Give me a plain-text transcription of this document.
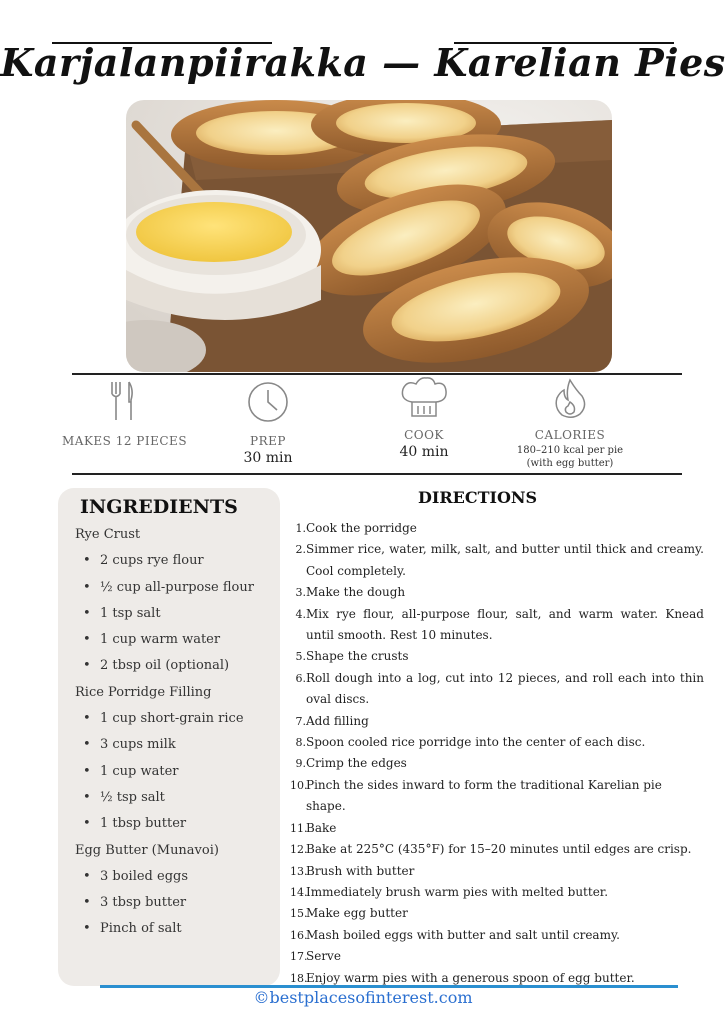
Karjalanpiirakka — Karelian Pies
MAKES 12 PIECES	PREP
30 min
COOK
40 min
CALORIES
180–210 kcal per pie
(with egg butter)
INGREDIENTS
Rye Crust
• 2 cups rye flour
• ½ cup all-purpose flour
• 1 tsp salt
• 1 cup warm water
• 2 tbsp oil (optional)
Rice Porridge Filling
• 1 cup short-grain rice
• 3 cups milk
• 1 cup water
• ½ tsp salt
• 1 tbsp butter
Egg Butter (Munavoi)
• 3 boiled eggs
• 3 tbsp butter
• Pinch of salt
DIRECTIONS
1. Cook the porridge
2. Simmer rice, water, milk, salt, and butter until thick and creamy. Cool completely.
3. Make the dough
4. Mix rye flour, all-purpose flour, salt, and warm water. Knead until smooth. Rest 10 minutes.
5. Shape the crusts
6. Roll dough into a log, cut into 12 pieces, and roll each into thin oval discs.
7. Add filling
8. Spoon cooled rice porridge into the center of each disc.
9. Crimp the edges
10.
Pinch the sides inward to form the traditional Karelian pie shape.
11.
Bake
12.
Bake at 225°C (435°F) for 15–20 minutes until edges are crisp.
13.
Brush with butter
14.
Immediately brush warm pies with melted butter.
15.
Make egg butter
16.
Mash boiled eggs with butter and salt until creamy.
17.
Serve
18.
Enjoy warm pies with a generous spoon of egg butter.
©bestplacesofinterest.com
